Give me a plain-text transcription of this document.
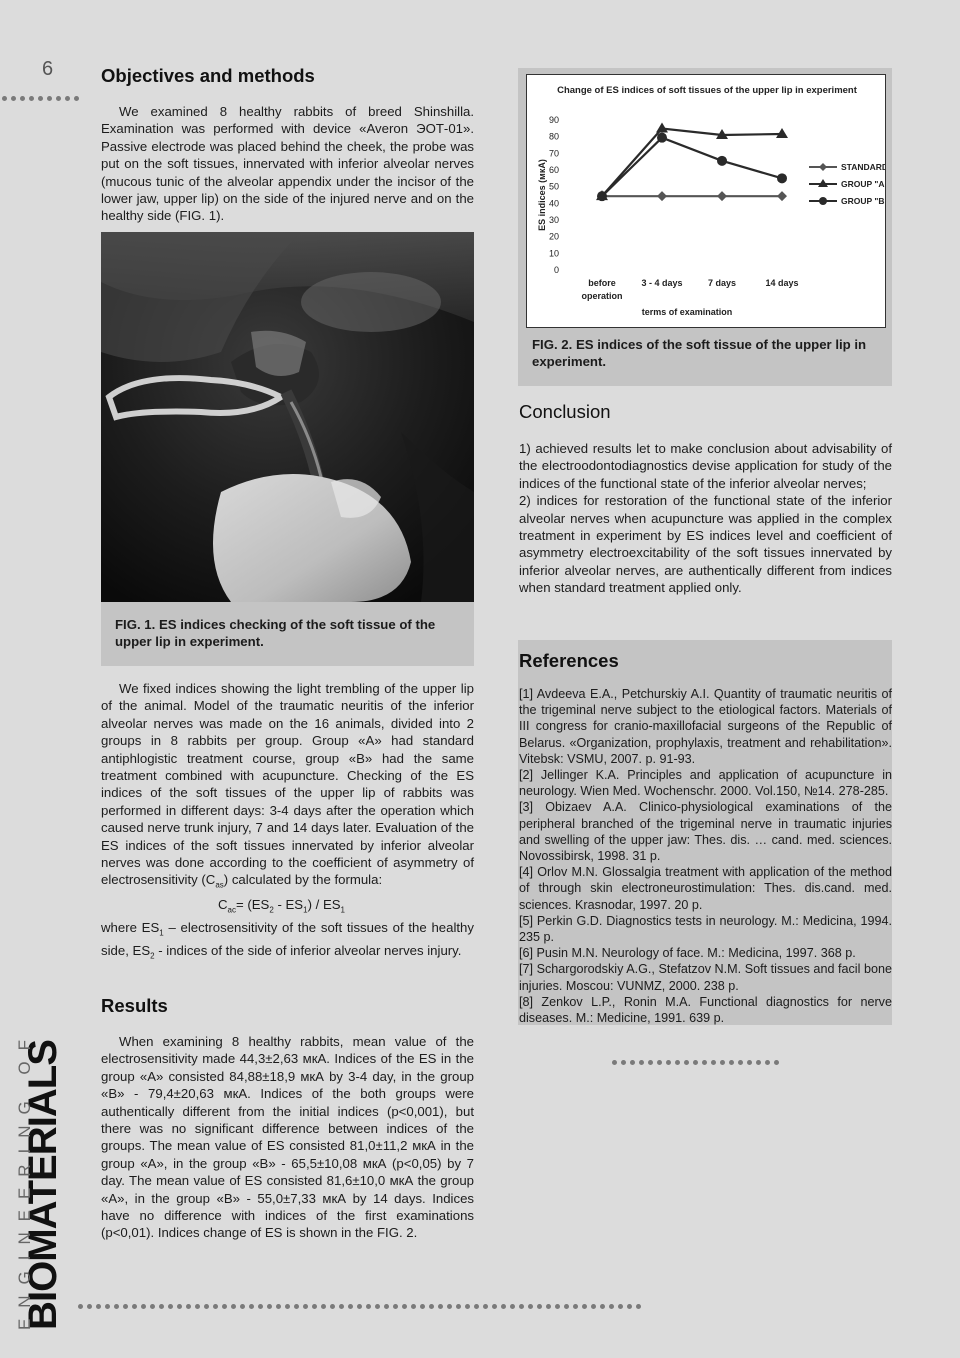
6	Objectives and methods

We examined 8 healthy rabbits of breed Shinshilla. Examination was performed with device «Averon ЭОТ-01». Passive electrode was placed behind the cheek, the probe was put on the soft tissues, innervated with inferior alveolar nerves (mucous tunic of the alveolar appendix under the incisor of the lower jaw, upper lip) on the side of the injured nerve and on the healthy side (FIG. 1).

FIG. 1. ES indices checking of the soft tissue of the upper lip in experiment.

We fixed indices showing the light trembling of the upper lip of the animal. Model of the traumatic neuritis of the inferior alveolar nerves was made on the 16 animals, divided into 2 groups in 8 rabbits per group. Group «A» had standard antiphlogistic treatment course, group «B» had the same treatment combined with acupuncture. Checking of the ES indices of the soft tissues of the upper lip of rabbits was performed in different days: 3-4 days after the operation which caused nerve trunk injury, 7 and 14 days later. Evaluation of the ES indices of the soft tissues innervated by inferior alveolar nerves was done according to the coefficient of asymmetry of electrosensitivity $(C_{as})$ calculated by the formula:

$C_{ас}= (ES_2 - ES_1) / ES_1$

where $ES_1$ – electrosensitivity of the soft tissues of the healthy side, $ES_2$ - indices of the side of inferior alveolar nerves injury.

Results

When examining 8 healthy rabbits, mean value of the electrosensitivity made 44,3±2,63 мкА. Indices of the ES in the group «A» consisted 84,88±18,9 мкА by 3-4 day, in the group «B» - 79,4±20,63 мкА. Indices of the both groups were authentically different from the initial indices (p<0,001), but there was no significant difference between indices of the groups. The mean value of ES consisted 81,0±11,2 мкА in the group «A», in the group «B» - 65,5±10,08 мкА (p<0,05) by 7 day. The mean value of ES consisted 81,6±10,0 мкА the group «A», in the group «B» - 55,0±7,33 мкА by 14 days. Indices have no difference with indices of the first examinations (p<0,01). Indices change of ES is shown in the FIG. 2.

Change of ES indices of soft tissues of the upper lip in experiment
ES indices (мкА)
0
10
20
30
40
50
60
70
80
90
before
operation
3 - 4 days	7 days	14 days
terms of examination
STANDARD
GROUP "A"
GROUP "B"
FIG. 2. ES indices of the soft tissue of the upper lip in experiment.
Conclusion

1) achieved results let to make conclusion about advisability of the electroodontodiagnostics devise application for study of the indices of the functional state of the inferior alveolar nerves;

2) indices for restoration of the functional state of the inferior alveolar nerves when acupuncture was applied in the complex treatment in experiment by ES indices level and coefficient of asymmetry electroexcitability of the soft tissues innervated by inferior alveolar nerves, are authentically different from indices when standard treatment applied only.

References

[1] Avdeeva E.A., Petchurskiy A.I. Quantity of traumatic neuritis of the trigeminal nerve subject to the etiological factors. Materials of III congress for cranio-maxillofacial surgeons of the Republic of Belarus. «Organization, prophylaxis, treatment and rehabilitation». Vitebsk: VSMU, 2007. p. 91-93.

[2] Jellinger K.A. Principles and application of acupuncture in neurology. Wien Med. Wochenschr. 2000. Vol.150, №14. 278-285.

[3] Obizaev A.A. Clinico-physiological examinations of the peripheral branched of the trigeminal nerve in traumatic injuries and swelling of the upper jaw: Thes. dis. … cand. med. sciences. Novossibirsk, 1998. 31 p.

[4] Orlov M.N. Glossalgia treatment with application of the method of through skin electroneurostimulation: Thes. dis.cand. med. sciences. Krasnodar, 1997. 20 p.

[5] Perkin G.D. Diagnostics tests in neurology. M.: Medicina, 1994. 235 p.

[6] Pusin M.N. Neurology of face. M.: Medicina, 1997. 368 p.

[7] Schargorodskiy A.G., Stefatzov N.M. Soft tissues and facil bone injuries. Moscou: VUNMZ, 2000. 238 p.

[8] Zenkov L.P., Ronin M.A. Functional diagnostics for nerve diseases. M.: Medicine, 1991. 639 p.

BIOMATERIALS
